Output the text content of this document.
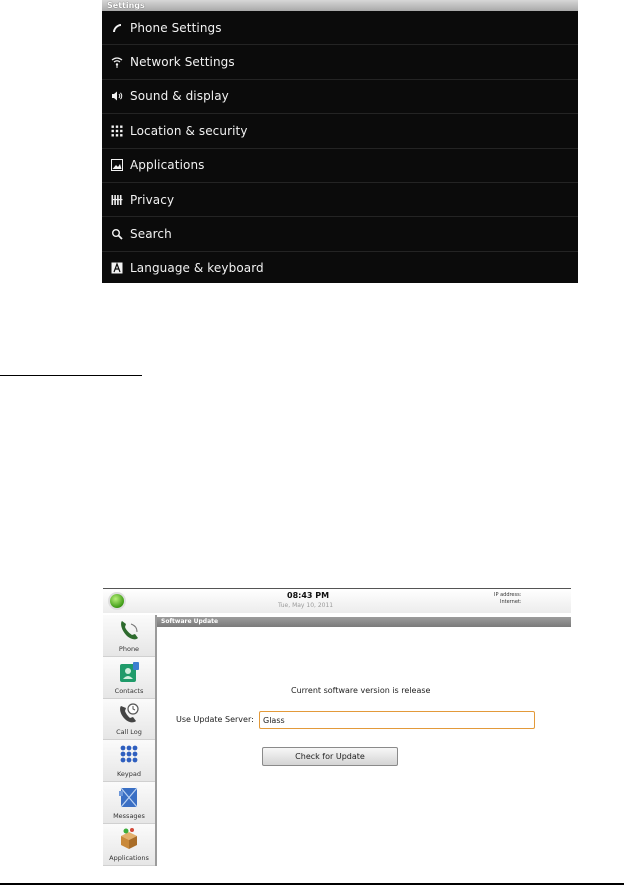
Settings
Phone Settings
Network Settings
Sound & display
Location & security
Applications
Privacy
Search
Language & keyboard
08:43 PM
Tue, May 10, 2011
IP address:
Internet:
Phone
Contacts
Call Log
Keypad
Messages
Applications
Software Update
Current software version is release
Use Update Server:
Glass
Check for Update
